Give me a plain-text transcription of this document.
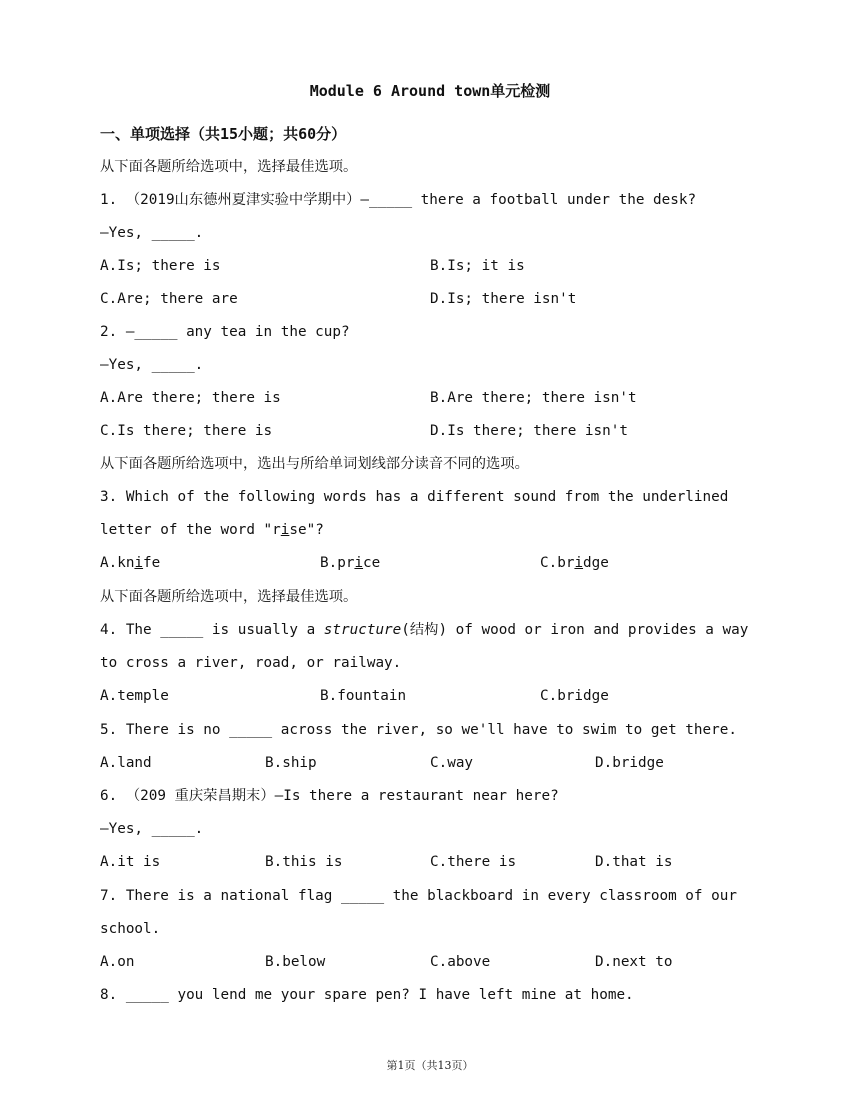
Module 6 Around town单元检测
一、单项选择（共15小题；共60分）
从下面各题所给选项中，选择最佳选项。
1. （2019山东德州夏津实验中学期中）—_____ there a football under the desk?
—Yes, _____.
A.Is; there is	B.Is; it is
C.Are; there are	D.Is; there isn't
2. —_____ any tea in the cup?
—Yes, _____.
A.Are there; there is	B.Are there; there isn't
C.Is there; there is	D.Is there; there isn't
从下面各题所给选项中，选出与所给单词划线部分读音不同的选项。
3. Which of the following words has a different sound from the underlined
letter of the word "rise"?
A.knife	B.price	C.bridge
从下面各题所给选项中，选择最佳选项。
4. The _____ is usually a structure(结构) of wood or iron and provides a way
to cross a river, road, or railway.
A.temple	B.fountain	C.bridge
5. There is no _____ across the river, so we'll have to swim to get there.
A.land	B.ship	C.way	D.bridge
6. （209 重庆荣昌期末）—Is there a restaurant near here?
—Yes, _____.
A.it is	B.this is	C.there is	D.that is
7. There is a national flag _____ the blackboard in every classroom of our
school.
A.on	B.below	C.above	D.next to
8. _____ you lend me your spare pen? I have left mine at home.
第1页（共13页）
